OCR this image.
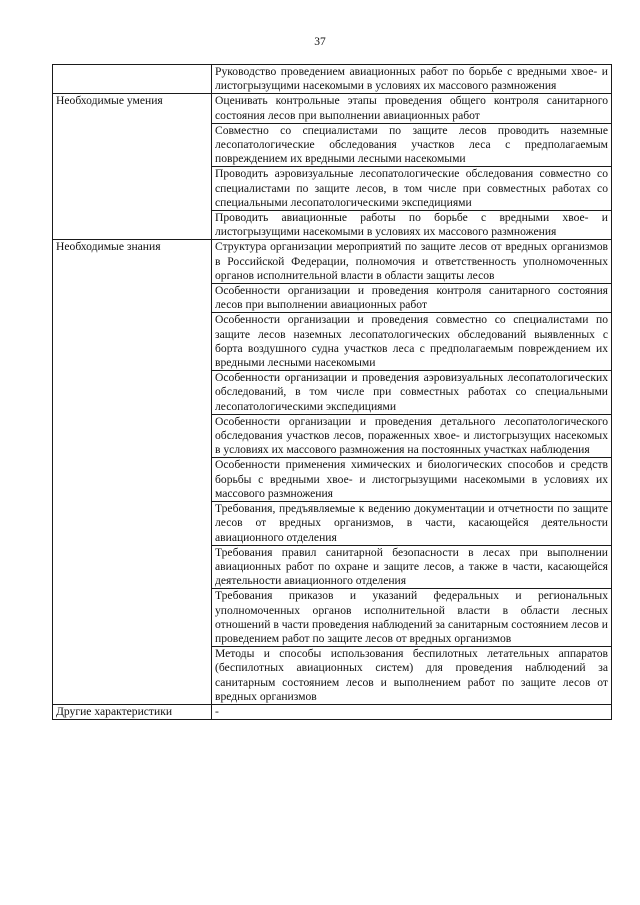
37
	Руководство проведением авиационных работ по борьбе с вредными хвое- и листогрызущими насекомыми в условиях их массового размножения
Необходимые умения	Оценивать контрольные этапы проведения общего контроля санитарного состояния лесов при выполнении авиационных работ
	Совместно со специалистами по защите лесов проводить наземные лесопатологические обследования участков леса с предполагаемым повреждением их вредными лесными насекомыми
	Проводить аэровизуальные лесопатологические обследования совместно со специалистами по защите лесов, в том числе при совместных работах со специальными лесопатологическими экспедициями
	Проводить авиационные работы по борьбе с вредными хвое- и листогрызущими насекомыми в условиях их массового размножения
Необходимые знания	Структура организации мероприятий по защите лесов от вредных организмов в Российской Федерации, полномочия и ответственность уполномоченных органов исполнительной власти в области защиты лесов
	Особенности организации и проведения контроля санитарного состояния лесов при выполнении авиационных работ
	Особенности организации и проведения совместно со специалистами по защите лесов наземных лесопатологических обследований выявленных с борта воздушного судна участков леса с предполагаемым повреждением их вредными лесными насекомыми
	Особенности организации и проведения аэровизуальных лесопатологических обследований, в том числе при совместных работах со специальными лесопатологическими экспедициями
	Особенности организации и проведения детального лесопатологического обследования участков лесов, пораженных хвое- и листогрызущих насекомых в условиях их массового размножения на постоянных участках наблюдения
	Особенности применения химических и биологических способов и средств борьбы с вредными хвое- и листогрызущими насекомыми в условиях их массового размножения
	Требования, предъявляемые к ведению документации и отчетности по защите лесов от вредных организмов, в части, касающейся деятельности авиационного отделения
	Требования правил санитарной безопасности в лесах при выполнении авиационных работ по охране и защите лесов, а также в части, касающейся деятельности авиационного отделения
	Требования приказов и указаний федеральных и региональных уполномоченных органов исполнительной власти в области лесных отношений в части проведения наблюдений за санитарным состоянием лесов и проведением работ по защите лесов от вредных организмов
	Методы и способы использования беспилотных летательных аппаратов (беспилотных авиационных систем) для проведения наблюдений за санитарным состоянием лесов и выполнением работ по защите лесов от вредных организмов
Другие характеристики	-
